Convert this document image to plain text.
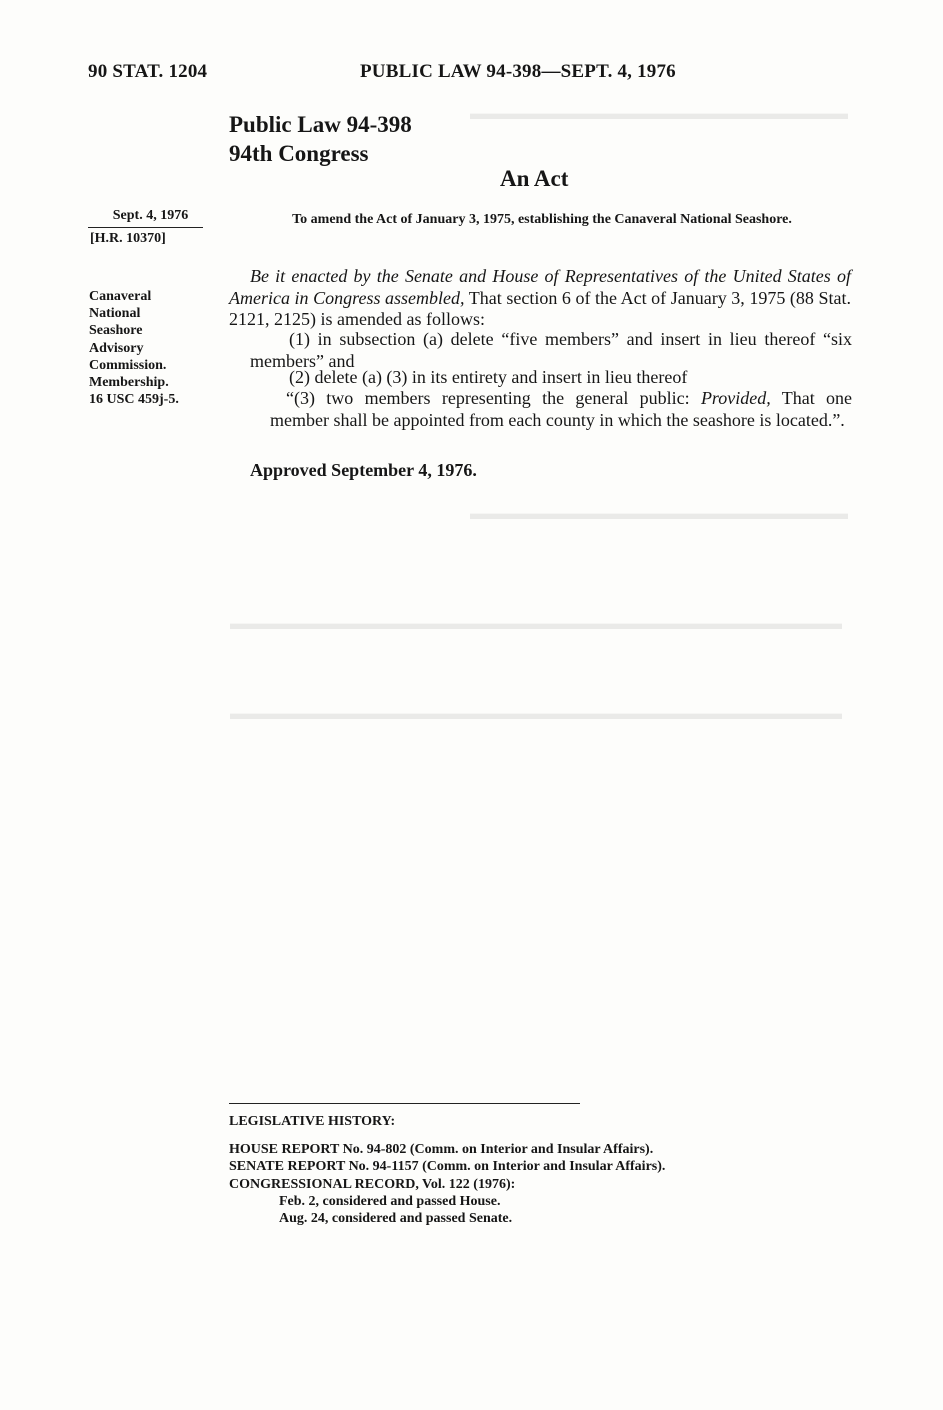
▬▬▬▬▬▬▬▬▬▬▬▬▬▬▬▬▬▬▬▬▬
▬▬▬▬▬▬▬▬▬▬▬▬▬▬▬▬▬▬▬▬▬
▬▬▬▬▬▬▬▬▬▬▬▬▬▬▬▬▬▬▬▬▬▬▬▬▬▬▬▬▬▬▬▬▬▬
▬▬▬▬▬▬▬▬▬▬▬▬▬▬▬▬▬▬▬▬▬▬▬▬▬▬▬▬▬▬▬▬▬▬
90 STAT. 1204	PUBLIC LAW 94-398—SEPT. 4, 1976
Public Law 94-398
94th Congress
An Act
Sept. 4, 1976
[H.R. 10370]
To amend the Act of January 3, 1975, establishing the Canaveral National Seashore.
Canaveral
National
Seashore
Advisory
Commission.
Membership.
16 USC 459j-5.
Be it enacted by the Senate and House of Representatives of the United States of America in Congress assembled, That section 6 of the Act of January 3, 1975 (88 Stat. 2121, 2125) is amended as follows:
(1) in subsection (a) delete “five members” and insert in lieu thereof “six members” and
(2) delete (a) (3) in its entirety and insert in lieu thereof
“(3) two members representing the general public: Provided, That one member shall be appointed from each county in which the seashore is located.”.
Approved September 4, 1976.
LEGISLATIVE HISTORY:
HOUSE REPORT No. 94-802 (Comm. on Interior and Insular Affairs).
SENATE REPORT No. 94-1157 (Comm. on Interior and Insular Affairs).
CONGRESSIONAL RECORD, Vol. 122 (1976):
Feb. 2, considered and passed House.
Aug. 24, considered and passed Senate.
